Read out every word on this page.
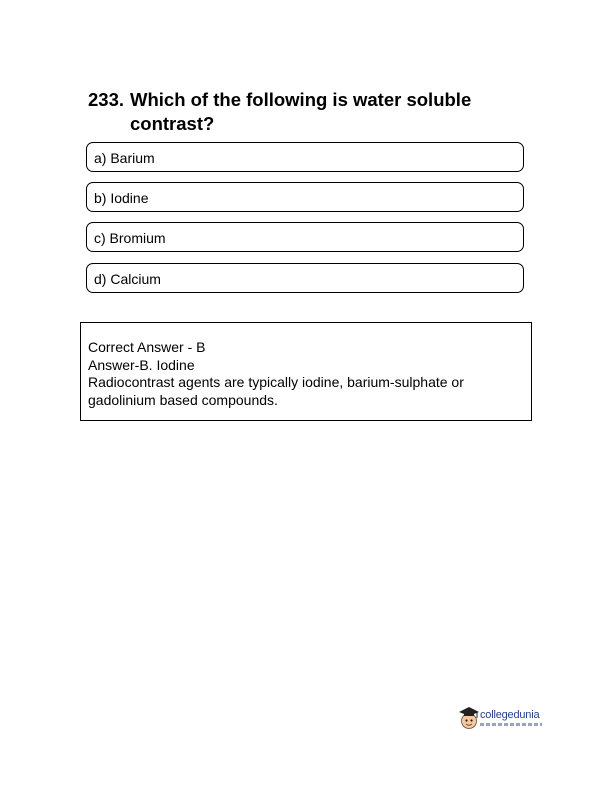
233. Which of the following is water soluble
contrast?
a) Barium
b) Iodine
c) Bromium
d) Calcium
Correct Answer - B
Answer-B. Iodine
Radiocontrast agents are typically iodine, barium-sulphate or
gadolinium based compounds.
collegedunia
